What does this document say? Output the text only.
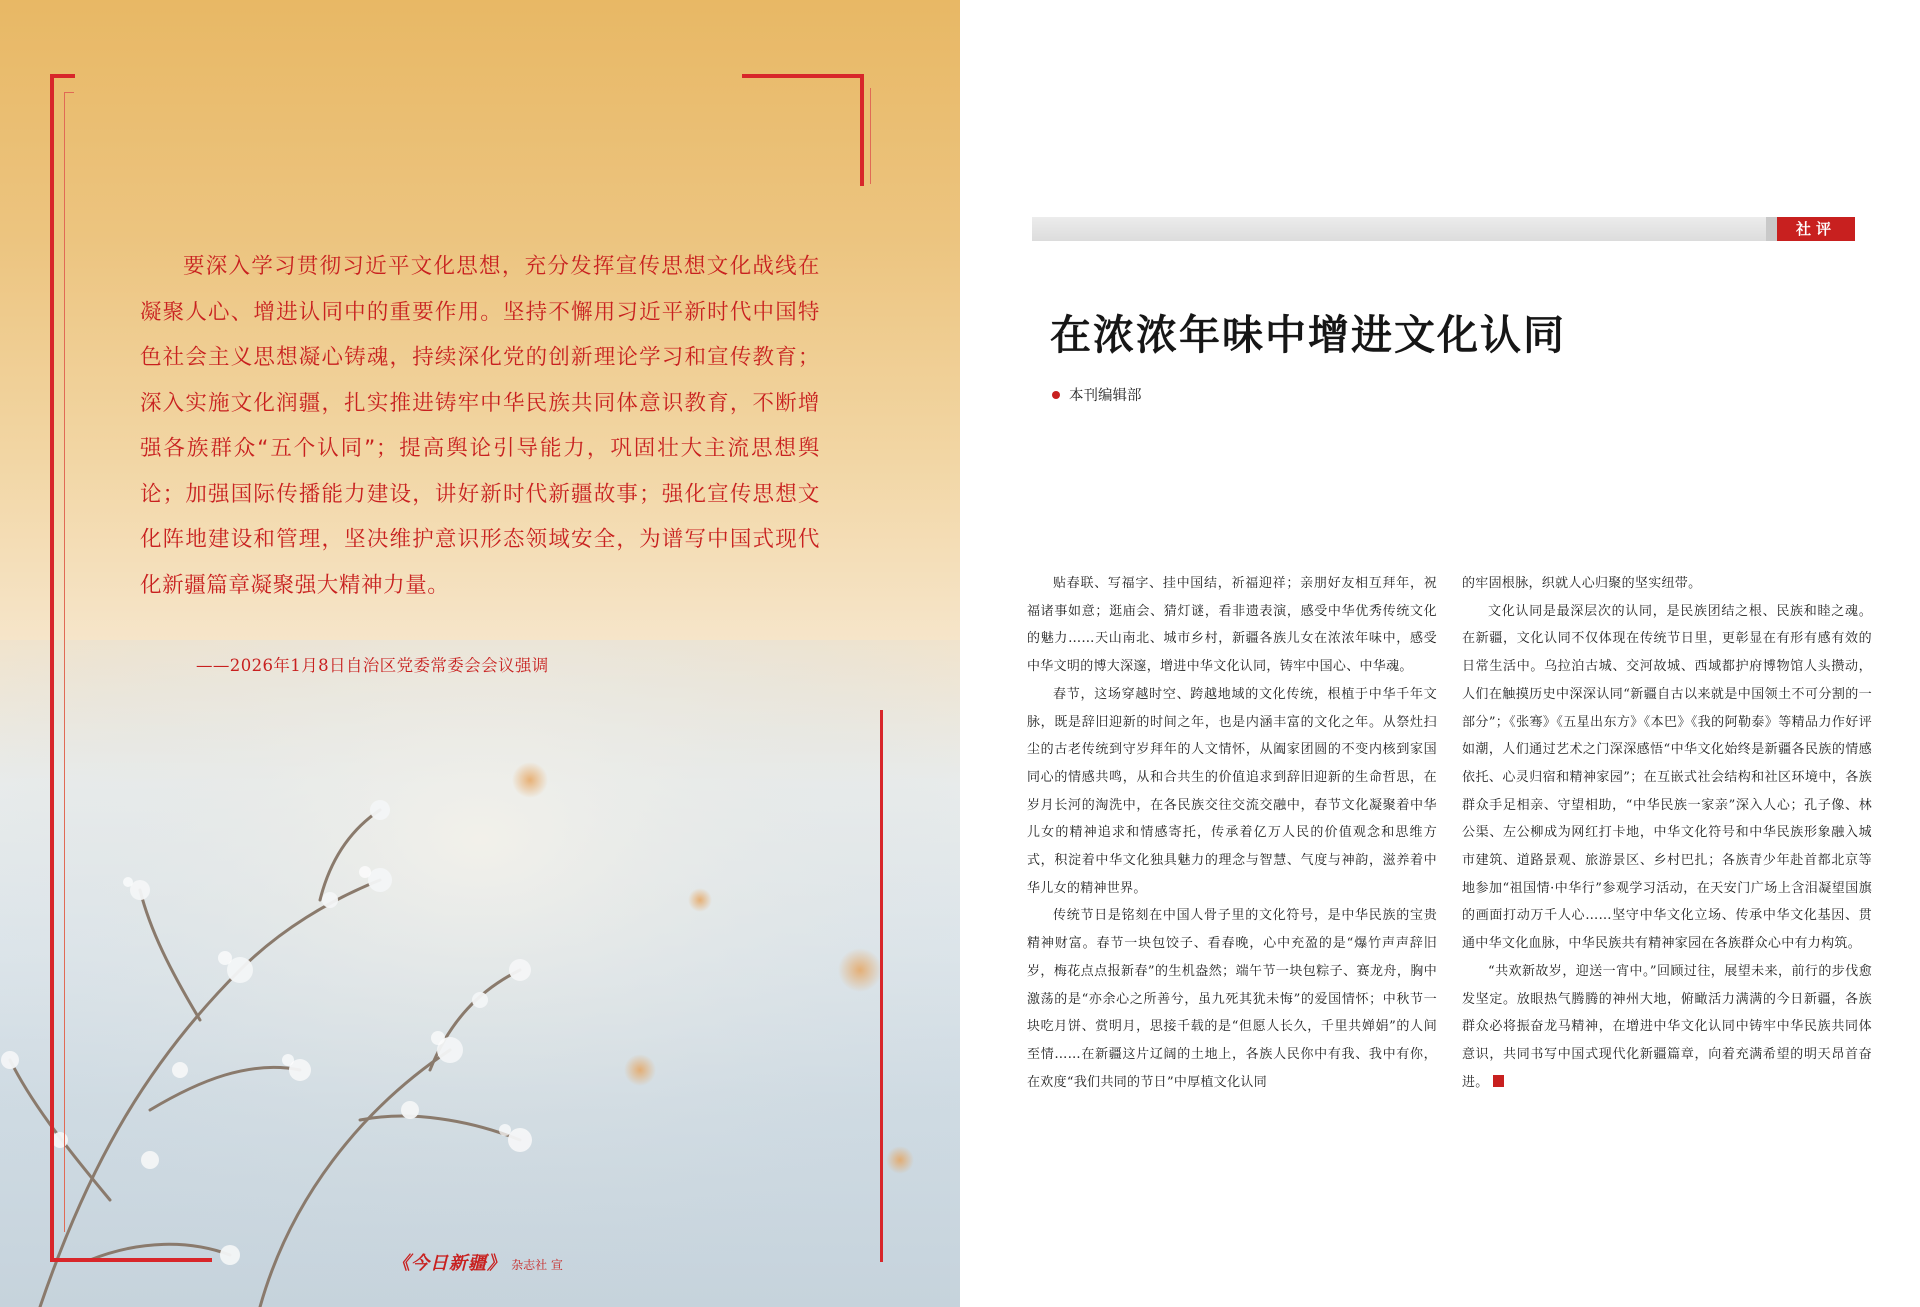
要深入学习贯彻习近平文化思想，充分发挥宣传思想文化战线在凝聚人心、增进认同中的重要作用。坚持不懈用习近平新时代中国特色社会主义思想凝心铸魂，持续深化党的创新理论学习和宣传教育；深入实施文化润疆，扎实推进铸牢中华民族共同体意识教育，不断增强各族群众“五个认同”；提高舆论引导能力，巩固壮大主流思想舆论；加强国际传播能力建设，讲好新时代新疆故事；强化宣传思想文化阵地建设和管理，坚决维护意识形态领域安全，为谱写中国式现代化新疆篇章凝聚强大精神力量。
——2026年1月8日自治区党委常委会会议强调
《今日新疆》 杂志社 宣
社评
在浓浓年味中增进文化认同
本刊编辑部

贴春联、写福字、挂中国结，祈福迎祥；亲朋好友相互拜年，祝福诸事如意；逛庙会、猜灯谜，看非遗表演，感受中华优秀传统文化的魅力……天山南北、城市乡村，新疆各族儿女在浓浓年味中，感受中华文明的博大深邃，增进中华文化认同，铸牢中国心、中华魂。

春节，这场穿越时空、跨越地域的文化传统，根植于中华千年文脉，既是辞旧迎新的时间之年，也是内涵丰富的文化之年。从祭灶扫尘的古老传统到守岁拜年的人文情怀，从阖家团圆的不变内核到家国同心的情感共鸣，从和合共生的价值追求到辞旧迎新的生命哲思，在岁月长河的淘洗中，在各民族交往交流交融中，春节文化凝聚着中华儿女的精神追求和情感寄托，传承着亿万人民的价值观念和思维方式，积淀着中华文化独具魅力的理念与智慧、气度与神韵，滋养着中华儿女的精神世界。

传统节日是铭刻在中国人骨子里的文化符号，是中华民族的宝贵精神财富。春节一块包饺子、看春晚，心中充盈的是“爆竹声声辞旧岁，梅花点点报新春”的生机盎然；端午节一块包粽子、赛龙舟，胸中激荡的是“亦余心之所善兮，虽九死其犹未悔”的爱国情怀；中秋节一块吃月饼、赏明月，思接千载的是“但愿人长久，千里共婵娟”的人间至情……在新疆这片辽阔的土地上，各族人民你中有我、我中有你，在欢度“我们共同的节日”中厚植文化认同

的牢固根脉，织就人心归聚的坚实纽带。

文化认同是最深层次的认同，是民族团结之根、民族和睦之魂。在新疆，文化认同不仅体现在传统节日里，更彰显在有形有感有效的日常生活中。乌拉泊古城、交河故城、西域都护府博物馆人头攒动，人们在触摸历史中深深认同“新疆自古以来就是中国领土不可分割的一部分”；《张骞》《五星出东方》《本巴》《我的阿勒泰》等精品力作好评如潮，人们通过艺术之门深深感悟“中华文化始终是新疆各民族的情感依托、心灵归宿和精神家园”；在互嵌式社会结构和社区环境中，各族群众手足相亲、守望相助，“中华民族一家亲”深入人心；孔子像、林公渠、左公柳成为网红打卡地，中华文化符号和中华民族形象融入城市建筑、道路景观、旅游景区、乡村巴扎；各族青少年赴首都北京等地参加“祖国情·中华行”参观学习活动，在天安门广场上含泪凝望国旗的画面打动万千人心……坚守中华文化立场、传承中华文化基因、贯通中华文化血脉，中华民族共有精神家园在各族群众心中有力构筑。

“共欢新故岁，迎送一宵中。”回顾过往，展望未来，前行的步伐愈发坚定。放眼热气腾腾的神州大地，俯瞰活力满满的今日新疆，各族群众必将振奋龙马精神，在增进中华文化认同中铸牢中华民族共同体意识，共同书写中国式现代化新疆篇章，向着充满希望的明天昂首奋进。
